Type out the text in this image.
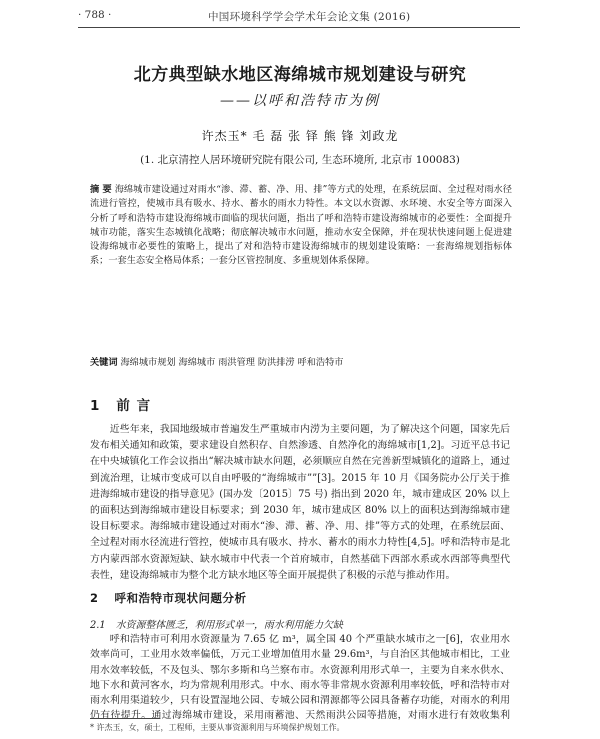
· 788 ·	中国环境科学学会学术年会论文集 (2016)
北方典型缺水地区海绵城市规划建设与研究
——以呼和浩特市为例
许杰玉* 毛 磊 张 铎 熊 锋 刘政龙
(1. 北京清控人居环境研究院有限公司, 生态环境所, 北京市 100083)
摘 要 海绵城市建设通过对雨水“渗、滞、蓄、净、用、排”等方式的处理，在系统层面、全过程对雨水径流进行管控，使城市具有吸水、持水、蓄水的雨水力特性。本文以水资源、水环境、水安全等方面深入分析了呼和浩特市建设海绵城市面临的现状问题，指出了呼和浩特市建设海绵城市的必要性：全面提升城市功能，落实生态城镇化战略；彻底解决城市水问题，推动水安全保障，并在现状快速问题上促进建设海绵城市必要性的策略上，提出了对和浩特市建设海绵城市的规划建设策略：一套海绵规划指标体系；一套生态安全格局体系；一套分区管控制度、多重规划体系保障。
关键词 海绵城市规划 海绵城市 雨洪管理 防洪排涝 呼和浩特市
1 前 言
近些年来，我国地级城市普遍发生严重城市内涝为主要问题，为了解决这个问题，国家先后发布相关通知和政策，要求建设自然积存、自然渗透、自然净化的海绵城市[1,2]。习近平总书记在中央城镇化工作会议指出“解决城市缺水问题，必须顺应自然在完善新型城镇化的道路上，通过到流治理，让城市变成可以自由呼吸的“海绵城市””[3]。2015 年 10 月《国务院办公厅关于推进海绵城市建设的指导意见》(国办发〔2015〕75 号) 指出到 2020 年，城市建成区 20% 以上的面积达到海绵城市建设目标要求；到 2030 年，城市建成区 80% 以上的面积达到海绵城市建设目标要求。海绵城市建设通过对雨水“渗、滞、蓄、净、用、排”等方式的处理，在系统层面、全过程对雨水径流进行管控，使城市具有吸水、持水、蓄水的雨水力特性[4,5]。呼和浩特市是北方内蒙西部水资源短缺、缺水城市中代表一个首府城市，自然基础下西部水系或水西部等典型代表性，建设海绵城市为整个北方缺水地区等全面开展提供了积极的示范与推动作用。
2 呼和浩特市现状问题分析
2.1 水资源整体匮乏，利用形式单一，雨水利用能力欠缺
呼和浩特市可利用水资源量为 7.65 亿 m³，属全国 40 个严重缺水城市之一[6]，农业用水效率尚可，工业用水效率偏低，万元工业增加值用水量 29.6m³，与自治区其他城市相比，工业用水效率较低，不及包头、鄂尔多斯和乌兰察布市。水资源利用形式单一，主要为自来水供水、地下水和黄河客水，均为常规利用形式。中水、雨水等非常规水资源利用率较低，呼和浩特市对雨水利用渠道较少，只有设置湿地公园、专城公园和渭源都等公园具备蓄存功能，对雨水的利用仍有待提升。通过海绵城市建设，采用雨蓄池、天然雨洪公园等措施，对雨水进行有效收集利
* 许杰玉，女，硕士，工程师，主要从事资源利用与环境保护规划工作。
